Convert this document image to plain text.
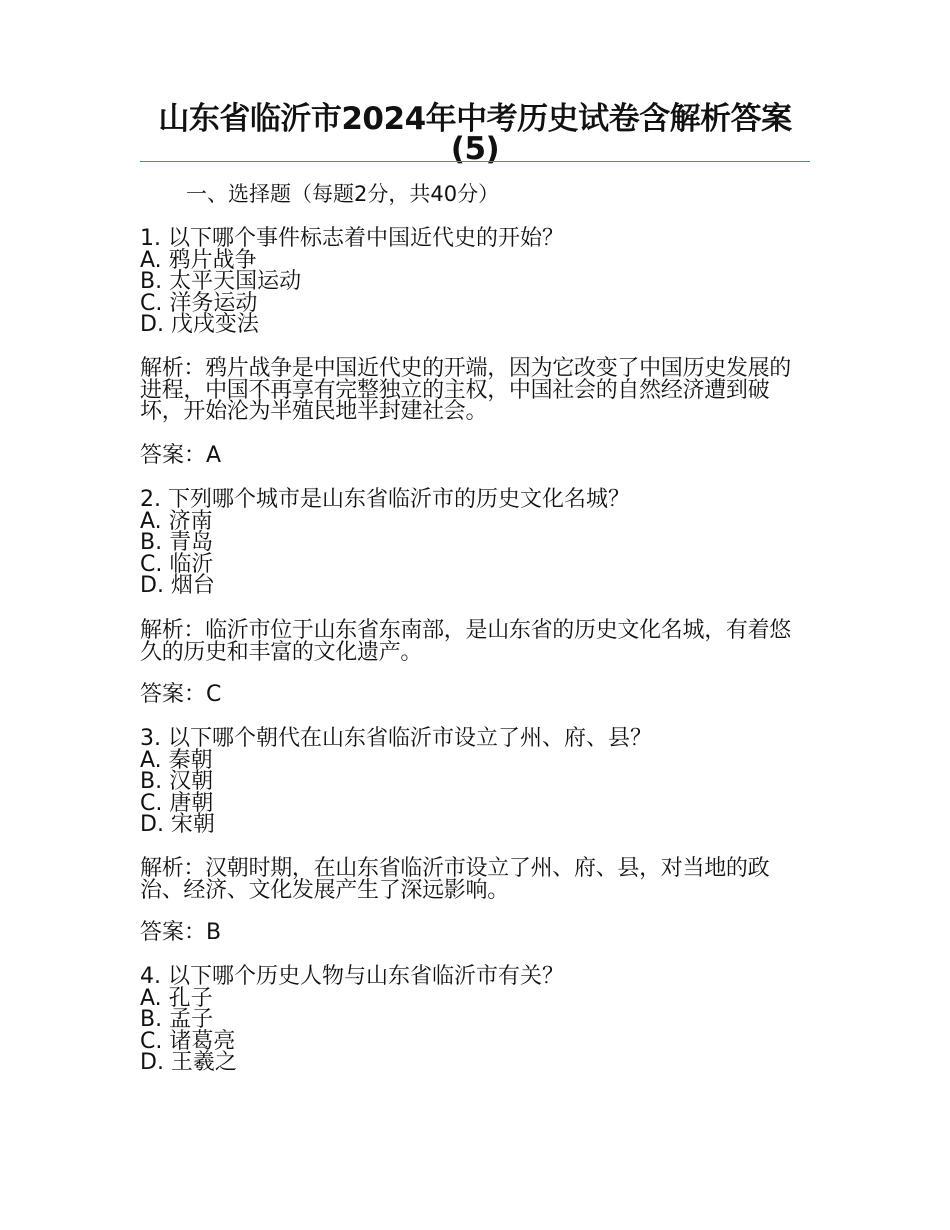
山东省临沂市2024年中考历史试卷含解析答案(5)
一、选择题（每题2分，共40分）
1. 以下哪个事件标志着中国近代史的开始？
A. 鸦片战争
B. 太平天国运动
C. 洋务运动
D. 戊戌变法
解析：鸦片战争是中国近代史的开端，因为它改变了中国历史发展的进程，中国不再享有完整独立的主权，中国社会的自然经济遭到破坏，开始沦为半殖民地半封建社会。
答案：A
2. 下列哪个城市是山东省临沂市的历史文化名城？
A. 济南
B. 青岛
C. 临沂
D. 烟台
解析：临沂市位于山东省东南部，是山东省的历史文化名城，有着悠久的历史和丰富的文化遗产。
答案：C
3. 以下哪个朝代在山东省临沂市设立了州、府、县？
A. 秦朝
B. 汉朝
C. 唐朝
D. 宋朝
解析：汉朝时期，在山东省临沂市设立了州、府、县，对当地的政治、经济、文化发展产生了深远影响。
答案：B
4. 以下哪个历史人物与山东省临沂市有关？
A. 孔子
B. 孟子
C. 诸葛亮
D. 王羲之
